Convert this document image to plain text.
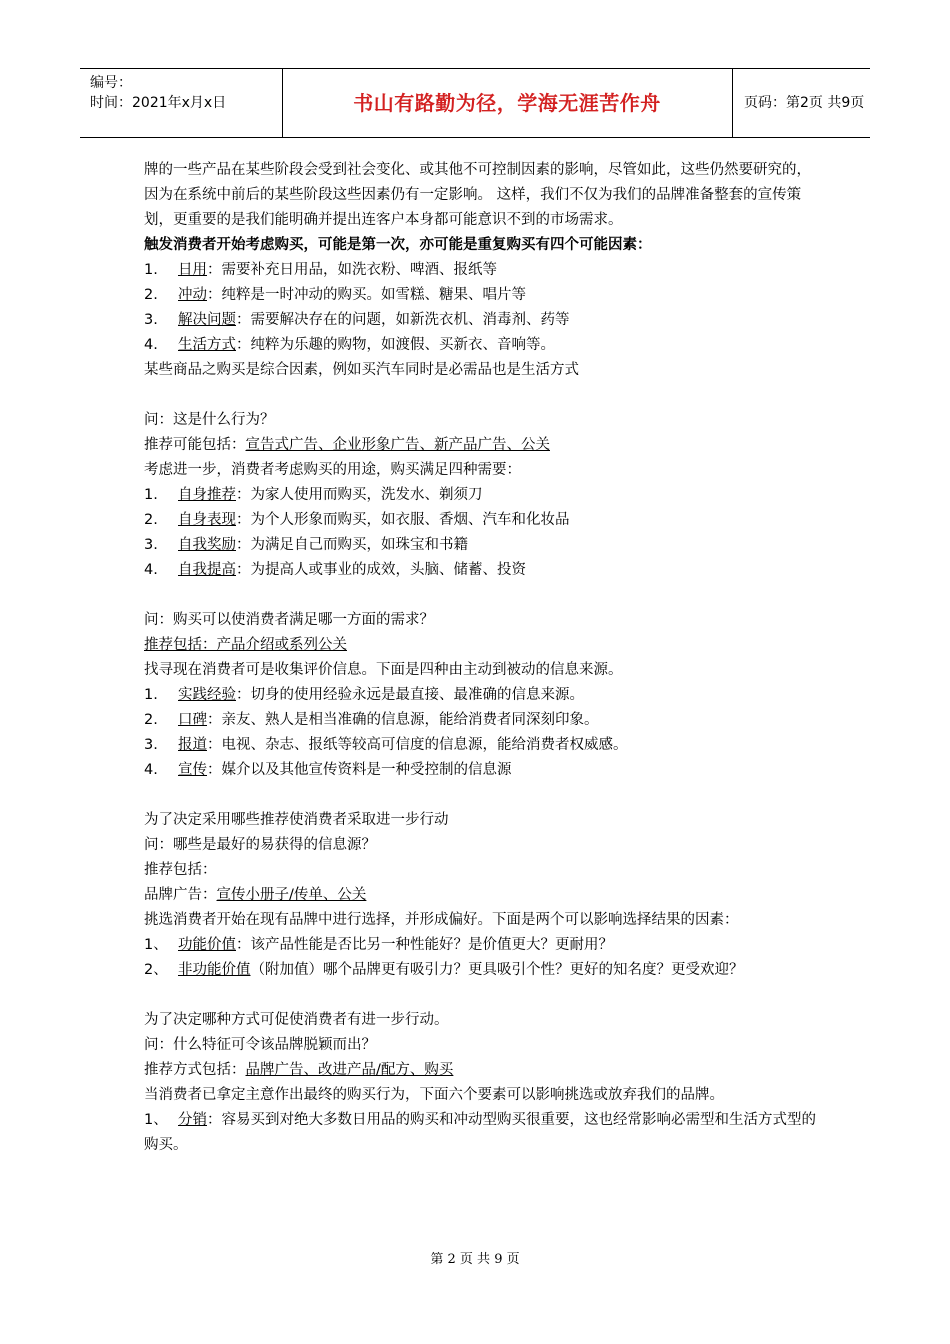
编号：
时间：2021年x月x日	书山有路勤为径，学海无涯苦作舟	页码：第2页 共9页
牌的一些产品在某些阶段会受到社会变化、或其他不可控制因素的影响，尽管如此，这些仍然要研究的，因为在系统中前后的某些阶段这些因素仍有一定影响。 这样，我们不仅为我们的品牌准备整套的宣传策划，更重要的是我们能明确并提出连客户本身都可能意识不到的市场需求。
触发消费者开始考虑购买，可能是第一次，亦可能是重复购买有四个可能因素：
1. 日用：需要补充日用品，如洗衣粉、啤酒、报纸等
2. 冲动：纯粹是一时冲动的购买。如雪糕、糖果、唱片等
3. 解决问题：需要解决存在的问题，如新洗衣机、消毒剂、药等
4. 生活方式：纯粹为乐趣的购物，如渡假、买新衣、音响等。
某些商品之购买是综合因素，例如买汽车同时是必需品也是生活方式
问：这是什么行为？
推荐可能包括：宣告式广告、企业形象广告、新产品广告、公关
考虑进一步，消费者考虑购买的用途，购买满足四种需要：
1. 自身推荐：为家人使用而购买，洗发水、剃须刀
2. 自身表现：为个人形象而购买，如衣服、香烟、汽车和化妆品
3. 自我奖励：为满足自己而购买，如珠宝和书籍
4. 自我提高：为提高人或事业的成效，头脑、储蓄、投资
问：购买可以使消费者满足哪一方面的需求？
推荐包括：产品介绍或系列公关
找寻现在消费者可是收集评价信息。下面是四种由主动到被动的信息来源。
1. 实践经验：切身的使用经验永远是最直接、最准确的信息来源。
2. 口碑：亲友、熟人是相当准确的信息源，能给消费者同深刻印象。
3. 报道：电视、杂志、报纸等较高可信度的信息源，能给消费者权威感。
4. 宣传：媒介以及其他宣传资料是一种受控制的信息源
为了决定采用哪些推荐使消费者采取进一步行动
问：哪些是最好的易获得的信息源？
推荐包括：
品牌广告：宣传小册子/传单、公关
挑选消费者开始在现有品牌中进行选择，并形成偏好。下面是两个可以影响选择结果的因素：
1、 功能价值：该产品性能是否比另一种性能好？是价值更大？更耐用？
2、 非功能价值（附加值）哪个品牌更有吸引力？更具吸引个性？更好的知名度？更受欢迎？
为了决定哪种方式可促使消费者有进一步行动。
问：什么特征可令该品牌脱颖而出？
推荐方式包括：品牌广告、改进产品/配方、购买
当消费者已拿定主意作出最终的购买行为，下面六个要素可以影响挑选或放弃我们的品牌。
1、 分销：容易买到对绝大多数日用品的购买和冲动型购买很重要，这也经常影响必需型和生活方式型的购买。
第 2 页 共 9 页
